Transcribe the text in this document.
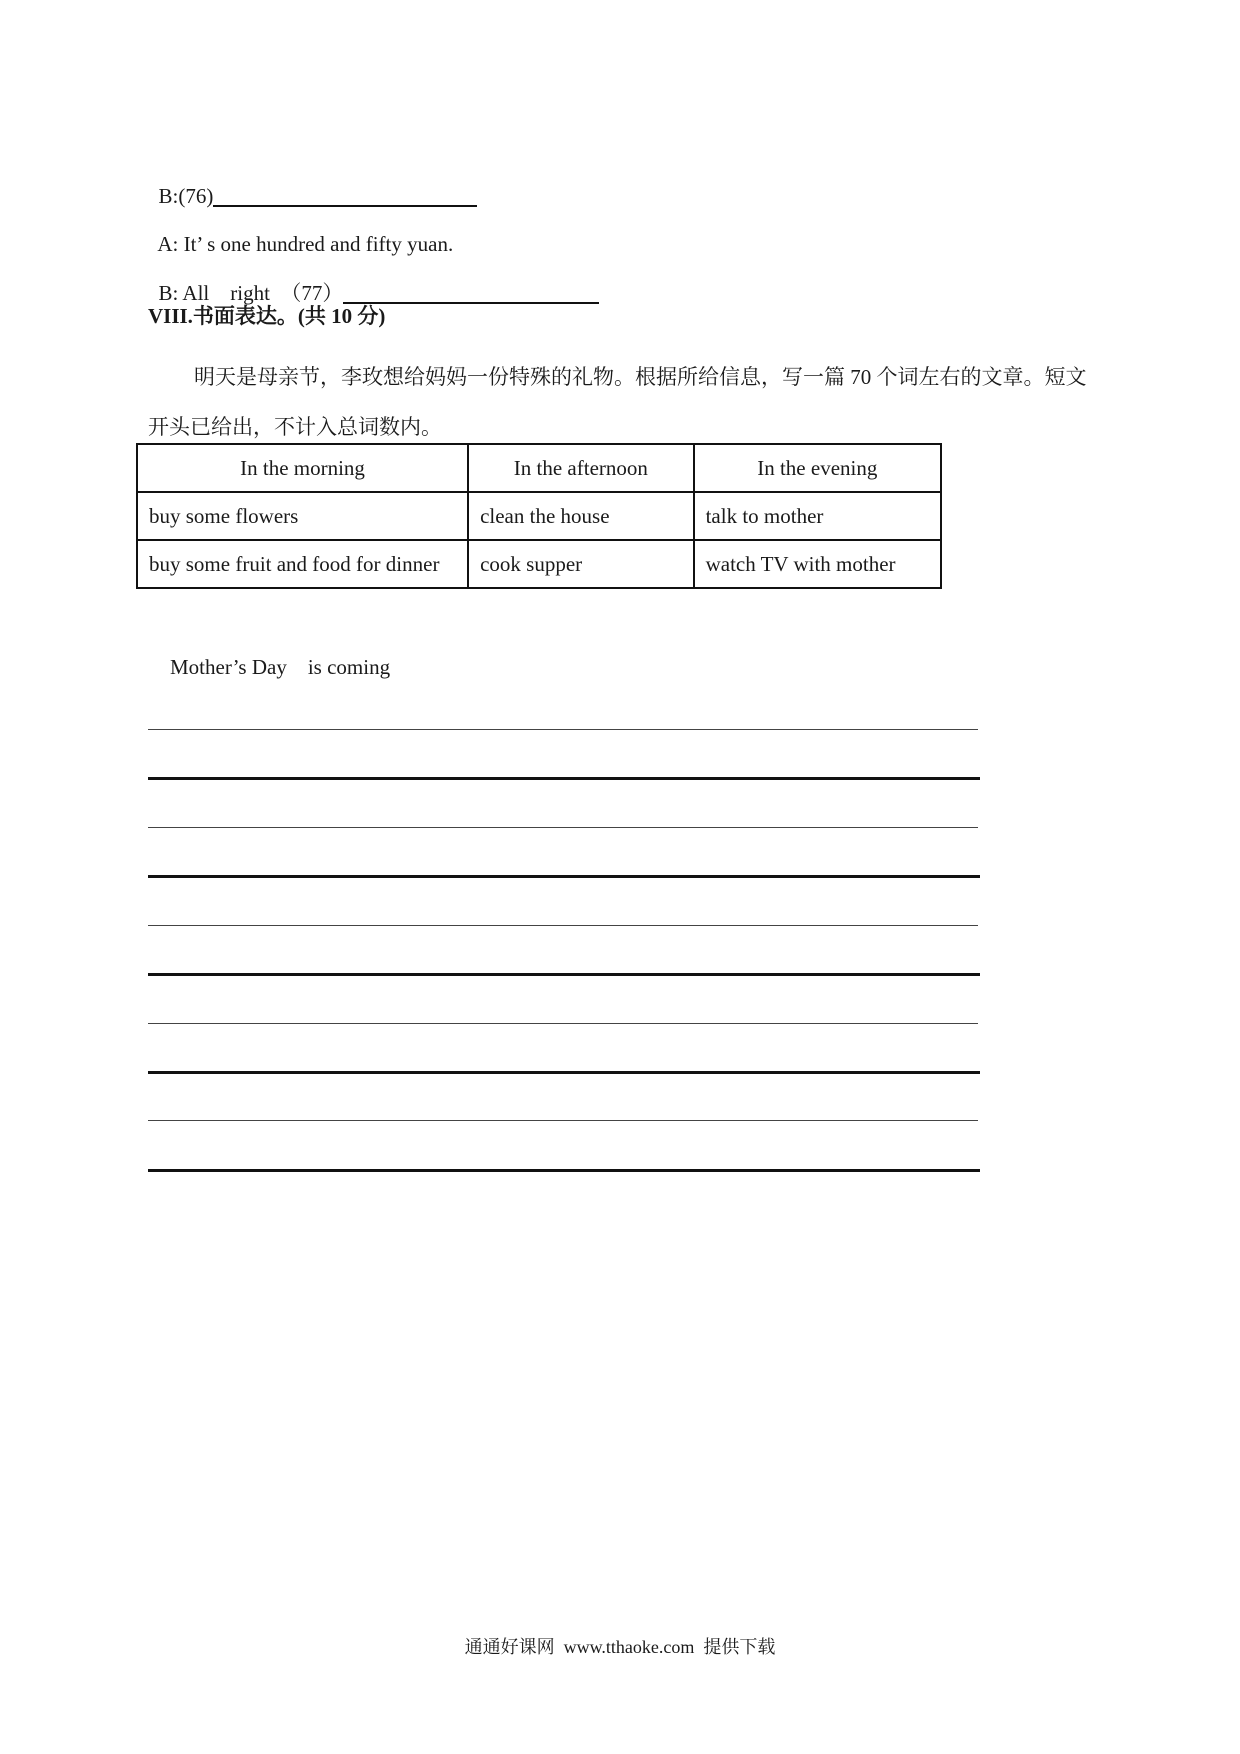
B:(76)

A: It’ s one hundred and fifty yuan.

B: All    right  （77）

VIII.书面表达。(共 10 分)
明天是母亲节，李玫想给妈妈一份特殊的礼物。根据所给信息，写一篇 70 个词左右的文章。短文开头已给出，不计入总词数内。
In the morning	In the afternoon	In the evening
buy some flowers	clean the house	talk to mother
buy some fruit and food for dinner	cook supper	watch TV with mother
Mother’s Day    is coming
通通好课网  www.tthaoke.com  提供下载
